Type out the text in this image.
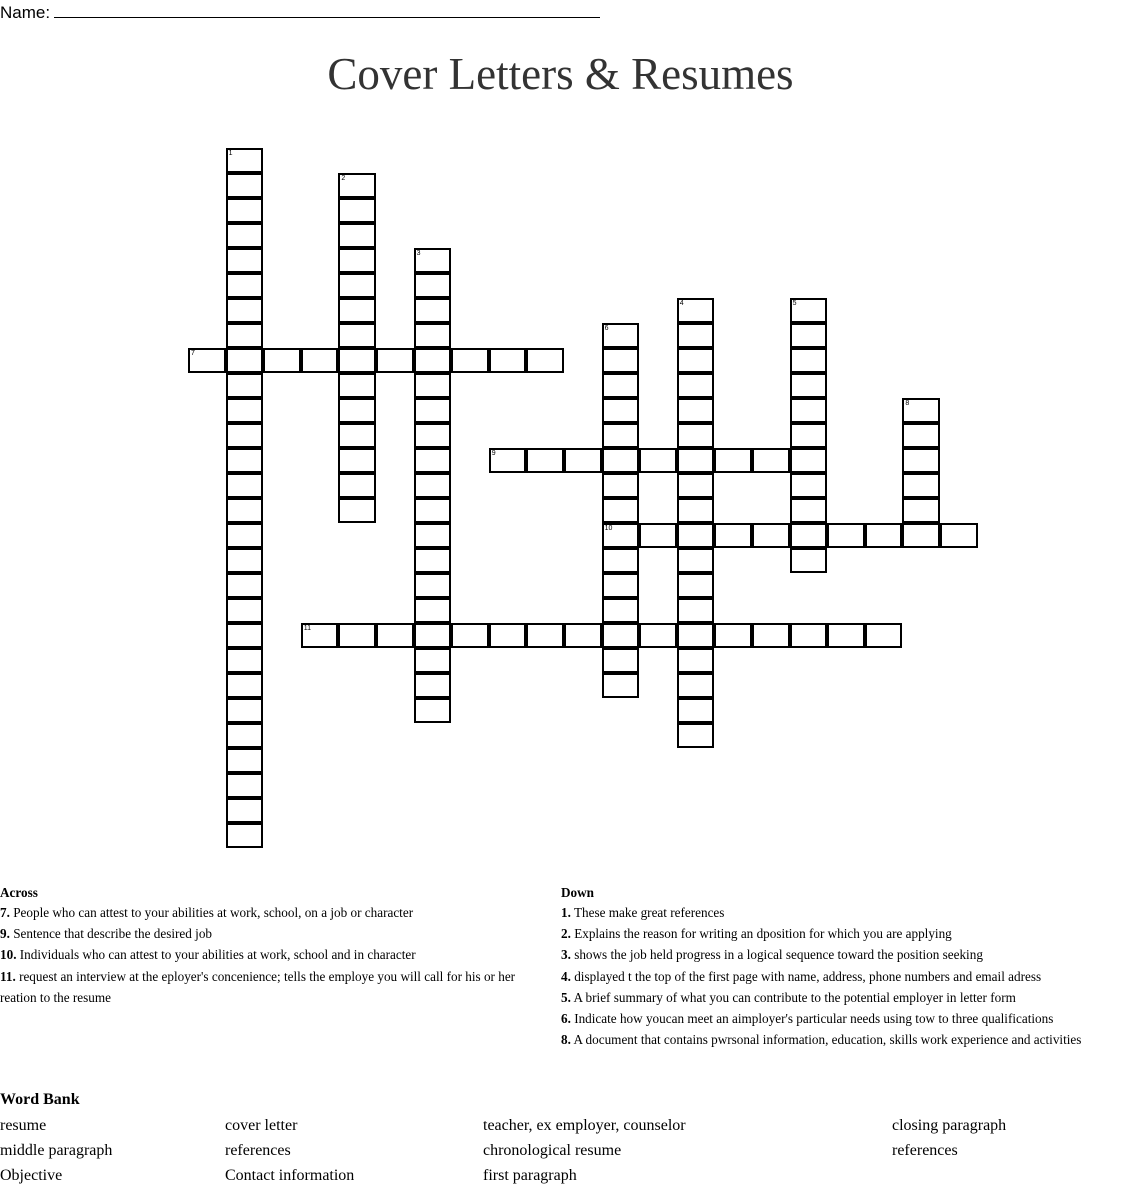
Name:
Cover Letters & Resumes
1
2
3
4	5
6
10
7
8
9
11
Across
7. People who can attest to your abilities at work, school, on a job or character
9. Sentence that describe the desired job
10. Individuals who can attest to your abilities at work, school and in character
11. request an interview at the eployer's concenience; tells the employe you will call for his or her reation to the resume
Down
1. These make great references
2. Explains the reason for writing an dposition for which you are applying
3. shows the job held progress in a logical sequence toward the position seeking
4. displayed t the top of the first page with name, address, phone numbers and email adress
5. A brief summary of what you can contribute to the potential employer in letter form
6. Indicate how youcan meet an aimployer's particular needs using tow to three qualifications
8. A document that contains pwrsonal information, education, skills work experience and activities
Word Bank
resume
middle paragraph
Objective
cover letter
references
Contact information
teacher, ex employer, counselor
chronological resume
first paragraph
closing paragraph
references
